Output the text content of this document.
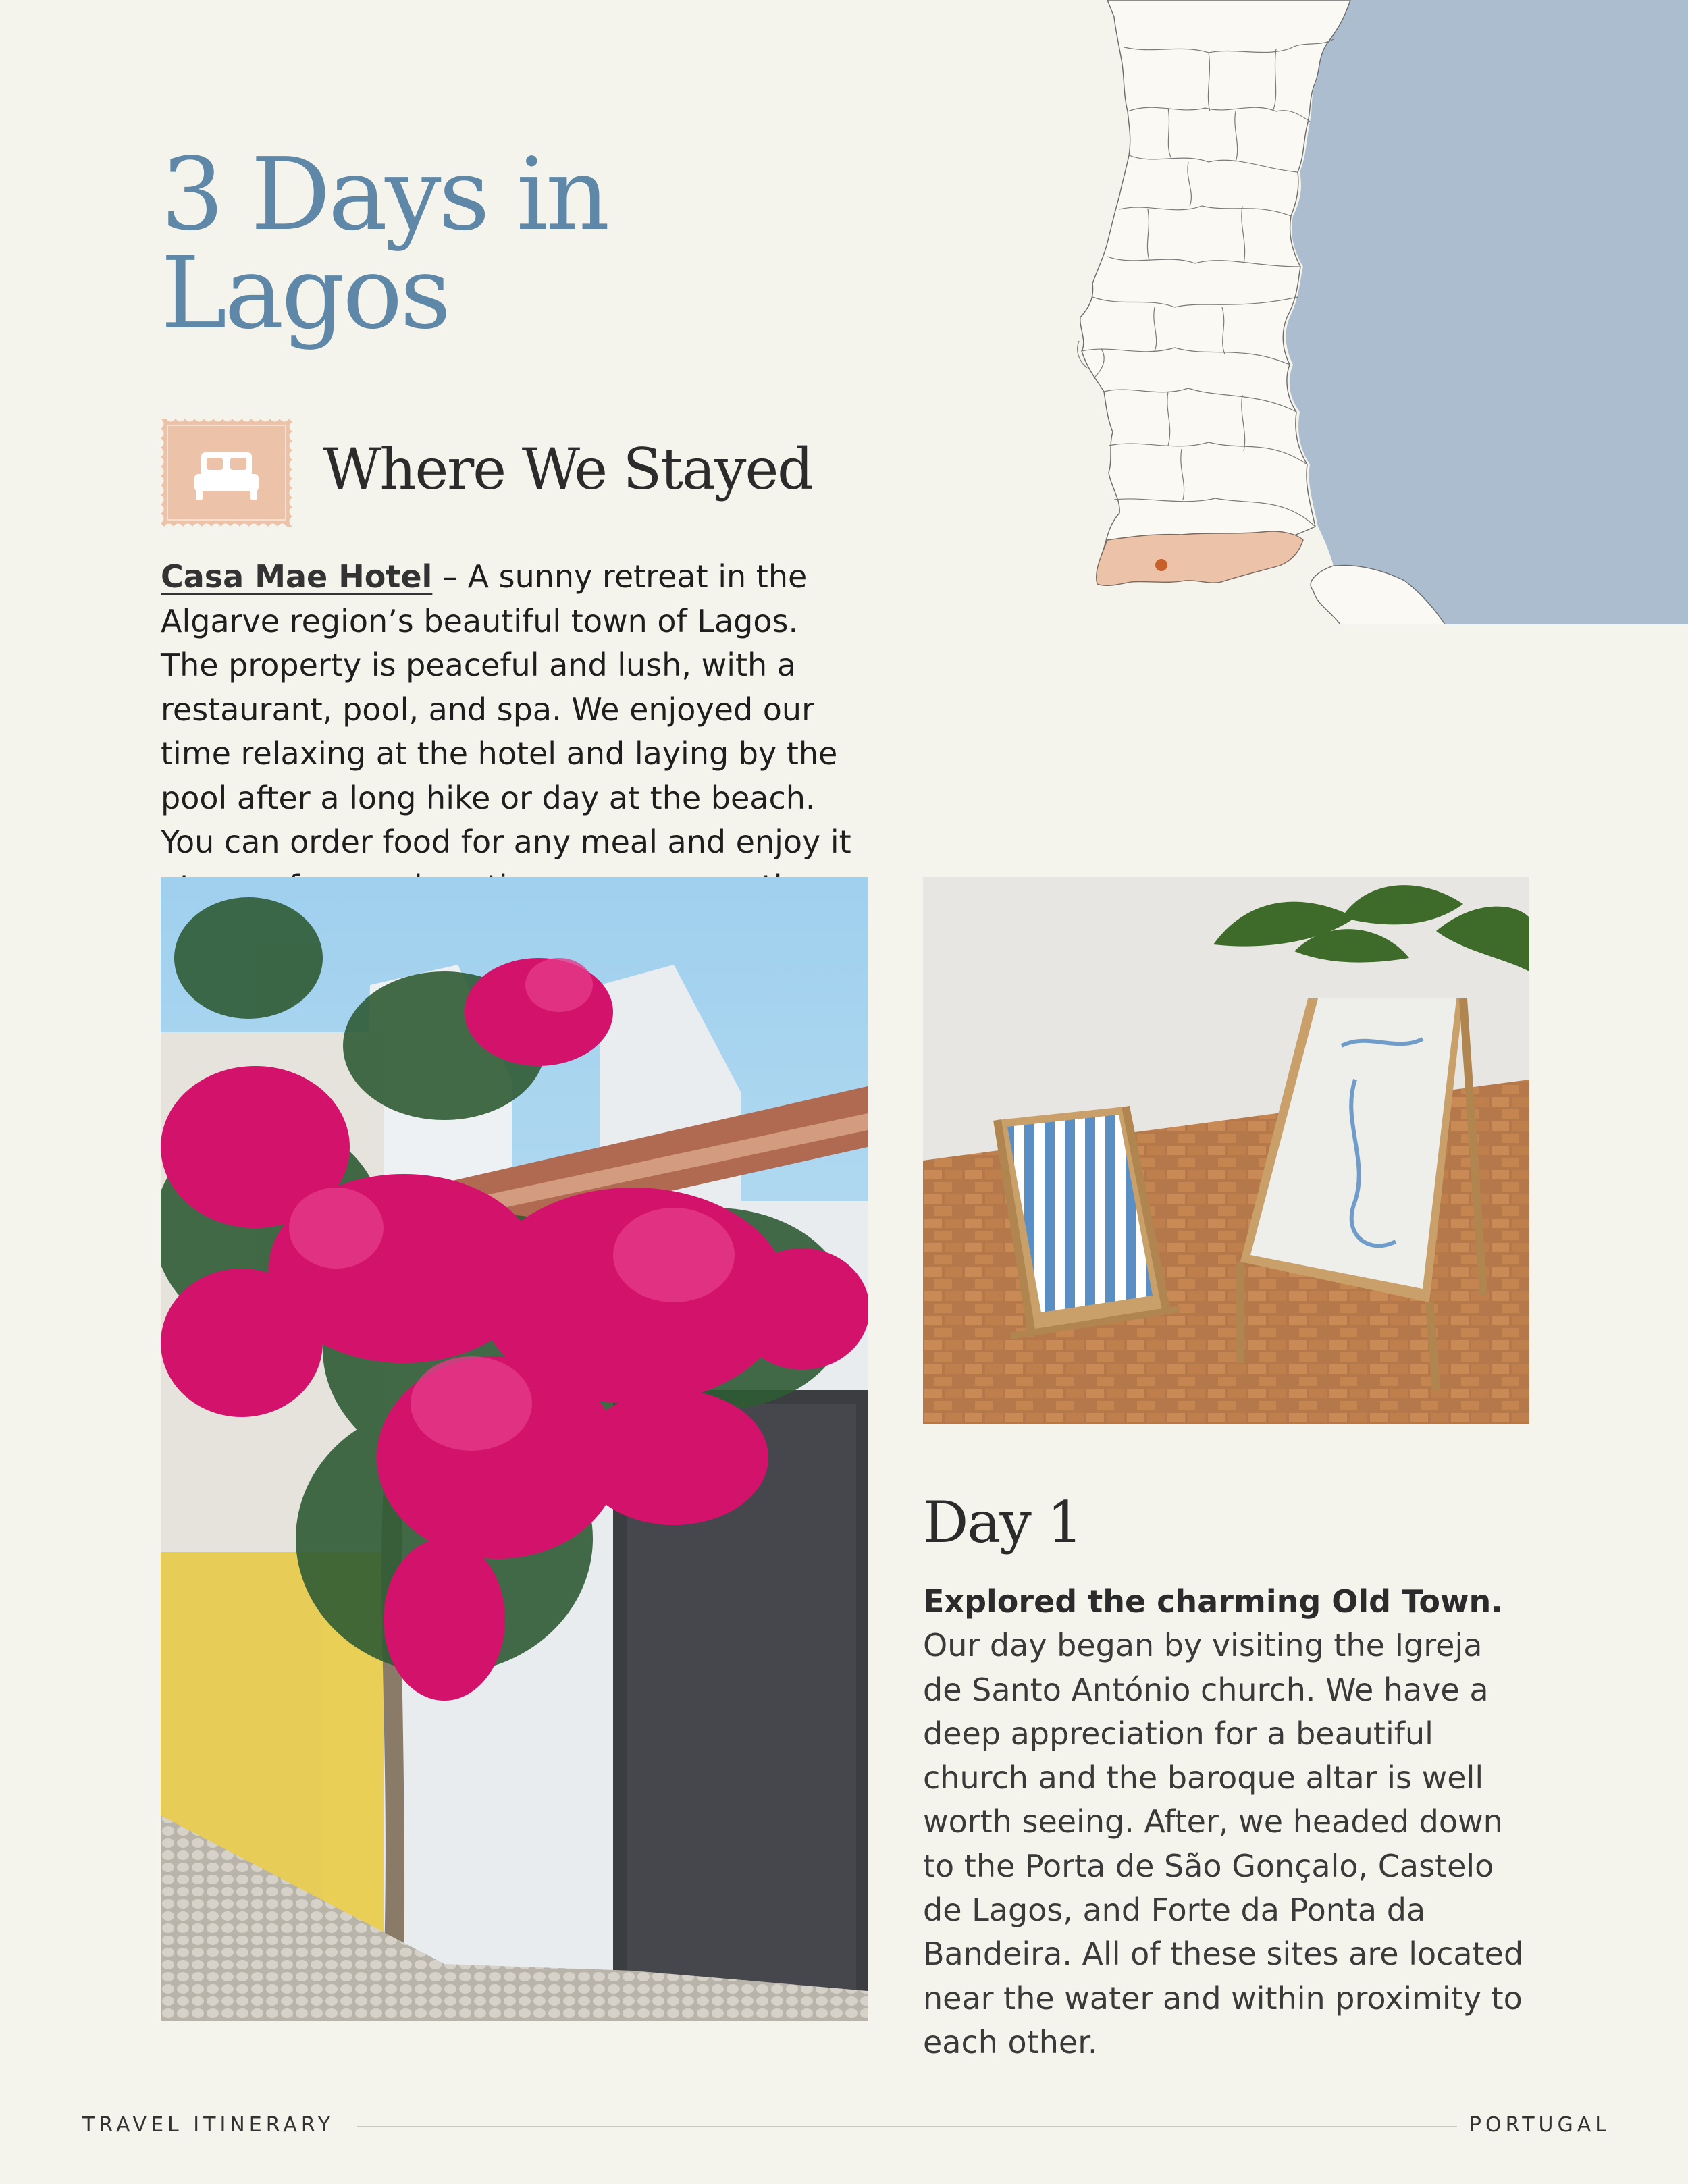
3 Days in
Lagos
Where We Stayed

Casa Mae Hotel – A sunny retreat in the Algarve region’s beautiful town of Lagos. The property is peaceful and lush, with a restaurant, pool, and spa. We enjoyed our time relaxing at the hotel and laying by the pool after a long hike or day at the beach. You can order food for any meal and enjoy it

Day 1

Explored the charming Old Town. Our day began by visiting the Igreja de Santo António church. We have a deep appreciation for a beautiful church and the baroque altar is well worth seeing. After, we headed down to the Porta de São Gonçalo, Castelo de Lagos, and Forte da Ponta da Bandeira. All of these sites are located near the water and within proximity to each other.

TRAVEL ITINERARY	PORTUGAL
